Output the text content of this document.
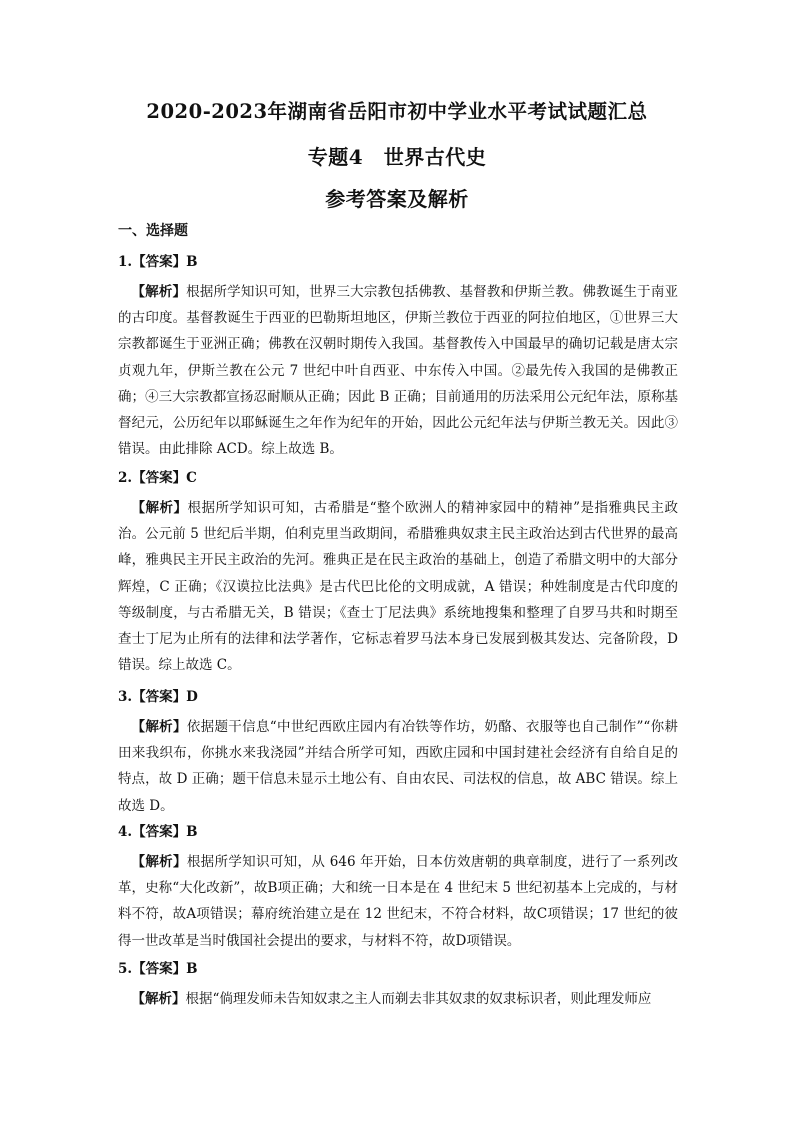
2020-2023年湖南省岳阳市初中学业水平考试试题汇总
专题4　世界古代史
参考答案及解析
一、选择题
1.【答案】B
【解析】根据所学知识可知，世界三大宗教包括佛教、基督教和伊斯兰教。佛教诞生于南亚的古印度。基督教诞生于西亚的巴勒斯坦地区，伊斯兰教位于西亚的阿拉伯地区，①世界三大宗教都诞生于亚洲正确；佛教在汉朝时期传入我国。基督教传入中国最早的确切记载是唐太宗贞观九年，伊斯兰教在公元 7 世纪中叶自西亚、中东传入中国。②最先传入我国的是佛教正确；④三大宗教都宣扬忍耐顺从正确；因此 B 正确；目前通用的历法采用公元纪年法，原称基督纪元，公历纪年以耶稣诞生之年作为纪年的开始，因此公元纪年法与伊斯兰教无关。因此③错误。由此排除 ACD。综上故选 B。
2.【答案】C
【解析】根据所学知识可知，古希腊是“整个欧洲人的精神家园中的精神”是指雅典民主政治。公元前 5 世纪后半期，伯利克里当政期间，希腊雅典奴隶主民主政治达到古代世界的最高峰，雅典民主开民主政治的先河。雅典正是在民主政治的基础上，创造了希腊文明中的大部分辉煌，C 正确；《汉谟拉比法典》是古代巴比伦的文明成就，A 错误；种姓制度是古代印度的等级制度，与古希腊无关，B 错误；《查士丁尼法典》系统地搜集和整理了自罗马共和时期至查士丁尼为止所有的法律和法学著作，它标志着罗马法本身已发展到极其发达、完备阶段，D 错误。综上故选 C。
3.【答案】D
【解析】依据题干信息“中世纪西欧庄园内有冶铁等作坊，奶酪、衣服等也自己制作”“你耕田来我织布，你挑水来我浇园”并结合所学可知，西欧庄园和中国封建社会经济有自给自足的特点，故 D 正确；题干信息未显示土地公有、自由农民、司法权的信息，故 ABC 错误。综上故选 D。
4.【答案】B
【解析】根据所学知识可知，从 646 年开始，日本仿效唐朝的典章制度，进行了一系列改革，史称“大化改新”，故B项正确；大和统一日本是在 4 世纪末 5 世纪初基本上完成的，与材料不符，故A项错误；幕府统治建立是在 12 世纪末，不符合材料，故C项错误；17 世纪的彼得一世改革是当时俄国社会提出的要求，与材料不符，故D项错误。
5.【答案】B
【解析】根据“倘理发师未告知奴隶之主人而剃去非其奴隶的奴隶标识者，则此理发师应
